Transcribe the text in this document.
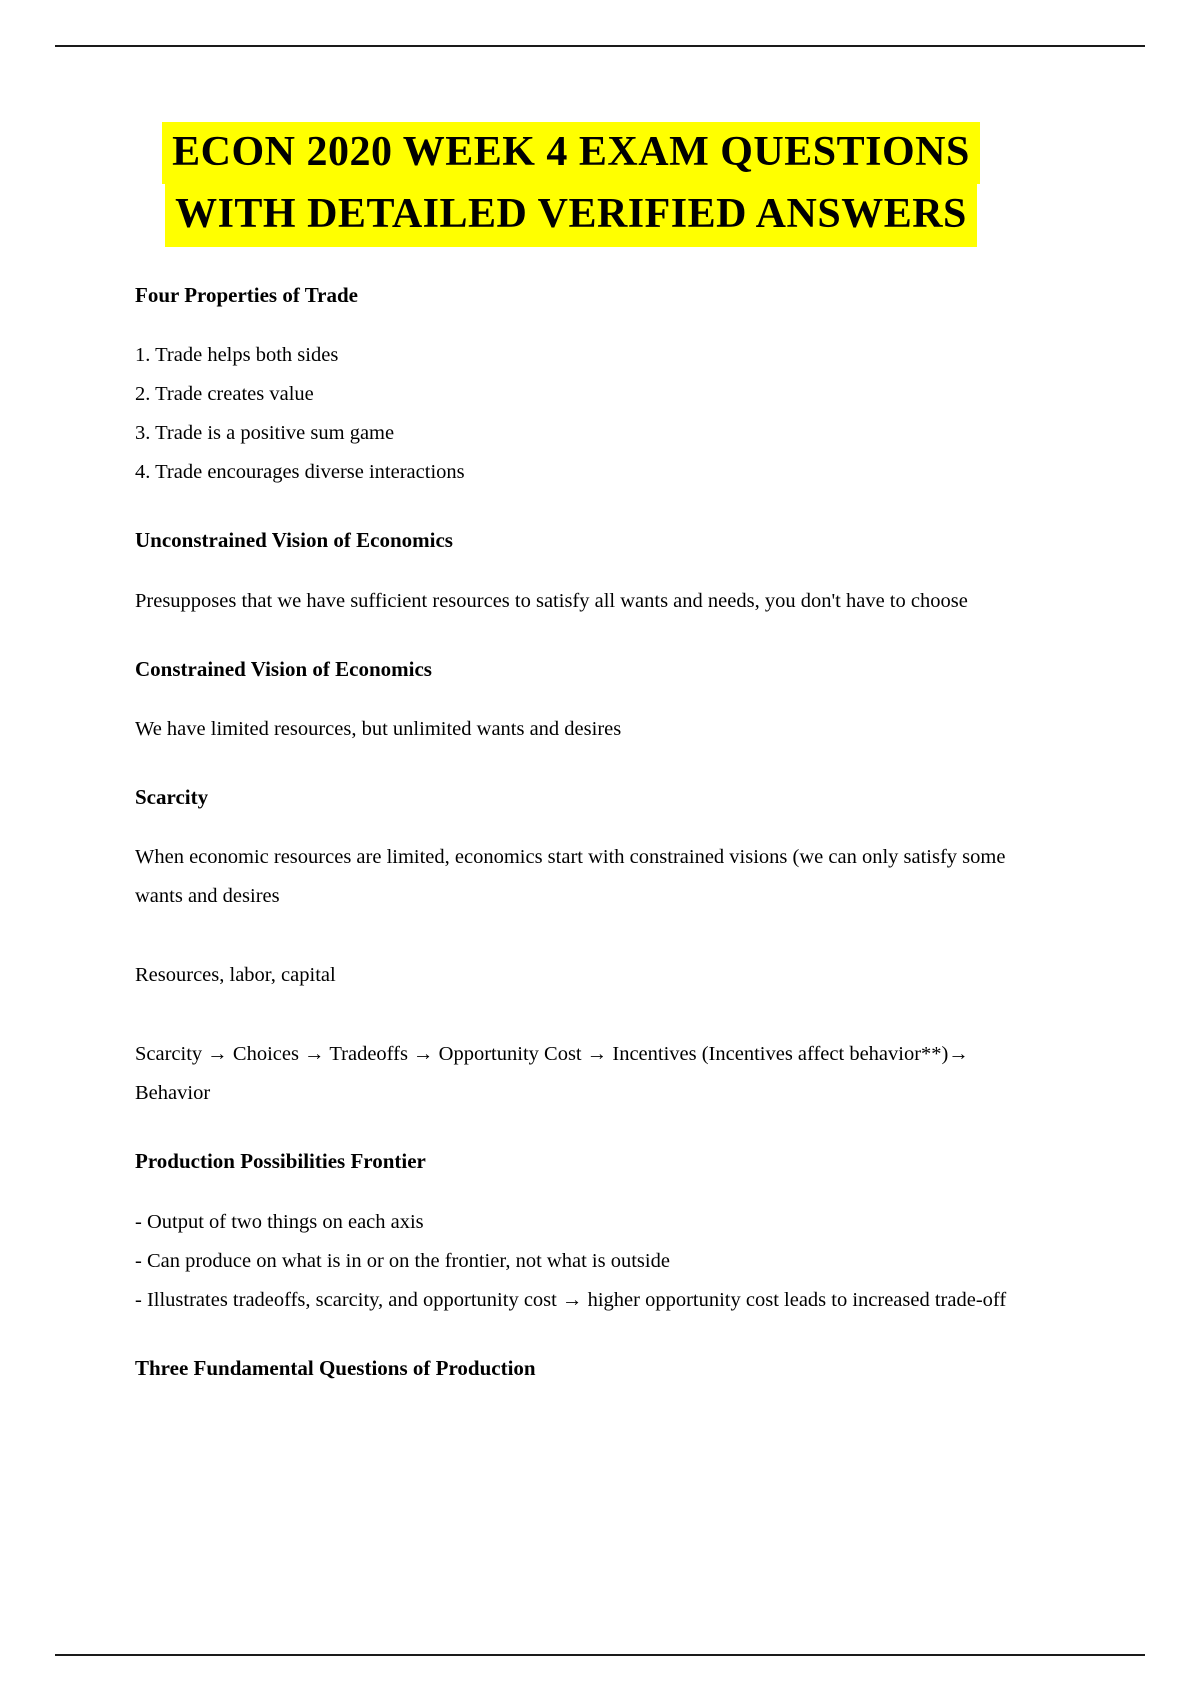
ECON 2020 WEEK 4 EXAM QUESTIONS
WITH DETAILED VERIFIED ANSWERS
Four Properties of Trade

1. Trade helps both sides

2. Trade creates value

3. Trade is a positive sum game

4. Trade encourages diverse interactions

Unconstrained Vision of Economics

Presupposes that we have sufficient resources to satisfy all wants and needs, you don't have to choose

Constrained Vision of Economics

We have limited resources, but unlimited wants and desires

Scarcity

When economic resources are limited, economics start with constrained visions (we can only satisfy some wants and desires

Resources, labor, capital

Scarcity → Choices → Tradeoffs → Opportunity Cost → Incentives (Incentives affect behavior**)→ Behavior

Production Possibilities Frontier

- Output of two things on each axis

- Can produce on what is in or on the frontier, not what is outside

- Illustrates tradeoffs, scarcity, and opportunity cost → higher opportunity cost leads to increased trade-off

Three Fundamental Questions of Production
